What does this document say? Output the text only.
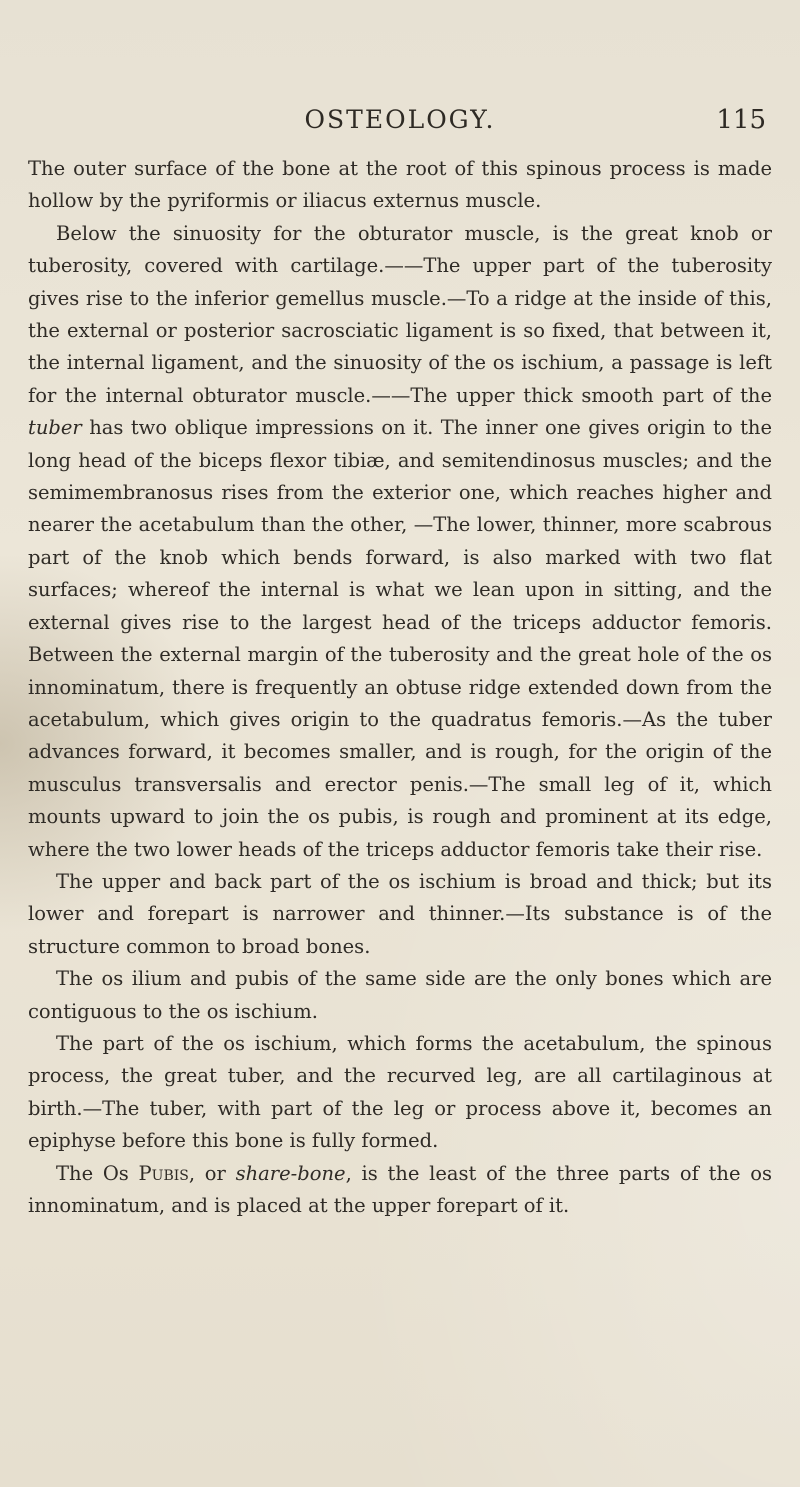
OSTEOLOGY.	115

The outer surface of the bone at the root of this spinous process is made hollow by the pyriformis or iliacus externus muscle.

Below the sinuosity for the obturator muscle, is the great knob or tuberosity, covered with cartilage.——The upper part of the tuberosity gives rise to the inferior gemellus muscle.—To a ridge at the inside of this, the external or posterior sacrosciatic ligament is so fixed, that between it, the internal ligament, and the sinuosity of the os ischium, a passage is left for the internal obturator muscle.——The upper thick smooth part of the tuber has two oblique impressions on it. The inner one gives origin to the long head of the biceps flexor tibiæ, and semitendinosus muscles; and the semimembranosus rises from the exterior one, which reaches higher and nearer the acetabulum than the other, —The lower, thinner, more scabrous part of the knob which bends forward, is also marked with two flat surfaces; whereof the internal is what we lean upon in sitting, and the external gives rise to the largest head of the triceps adductor femoris. Between the external margin of the tuberosity and the great hole of the os innominatum, there is frequently an obtuse ridge extended down from the acetabulum, which gives origin to the quadratus femoris.—As the tuber advances forward, it becomes smaller, and is rough, for the origin of the musculus transversalis and erector penis.—The small leg of it, which mounts upward to join the os pubis, is rough and prominent at its edge, where the two lower heads of the triceps adductor femoris take their rise.

The upper and back part of the os ischium is broad and thick; but its lower and forepart is narrower and thinner.—Its substance is of the structure common to broad bones.

The os ilium and pubis of the same side are the only bones which are contiguous to the os ischium.

The part of the os ischium, which forms the acetabulum, the spinous process, the great tuber, and the recurved leg, are all cartilaginous at birth.—The tuber, with part of the leg or process above it, becomes an epiphyse before this bone is fully formed.

The Os Pubis, or share-bone, is the least of the three parts of the os innominatum, and is placed at the upper forepart of it.
